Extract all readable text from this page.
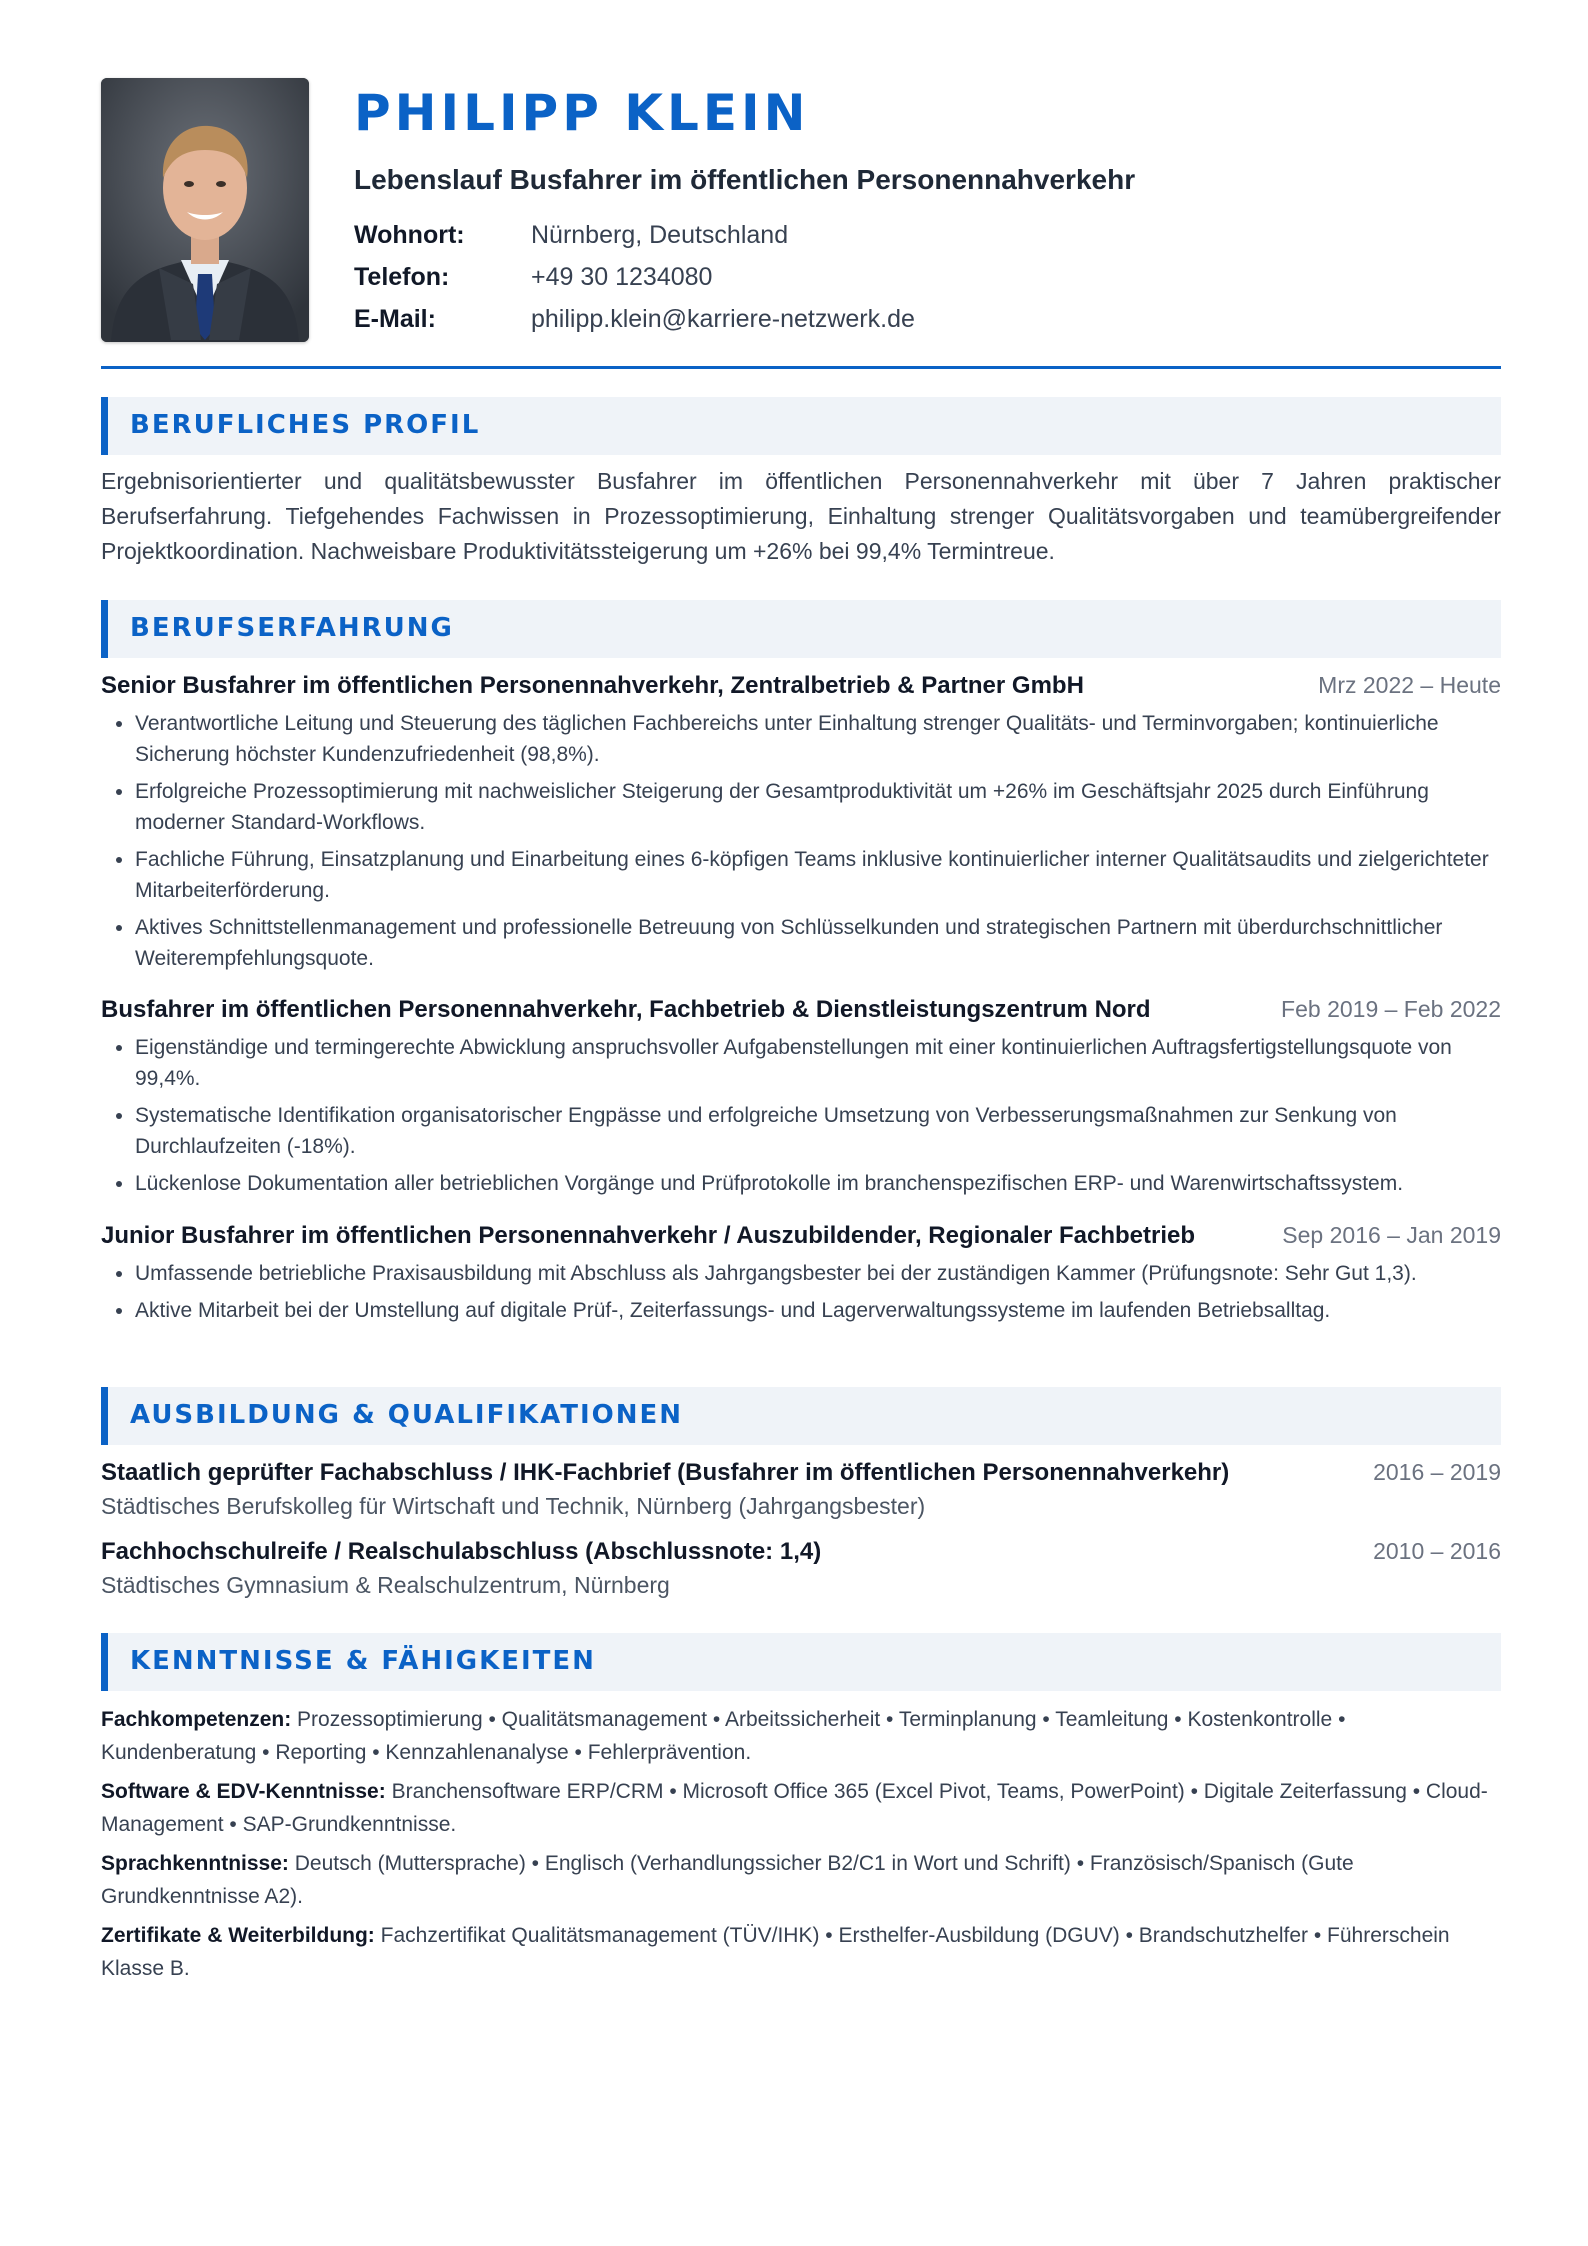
PHILIPP KLEIN
Lebenslauf Busfahrer im öffentlichen Personennahverkehr
Wohnort:	Nürnberg, Deutschland
Telefon:	+49 30 1234080
E-Mail:	philipp.klein@karriere-netzwerk.de
BERUFLICHES PROFIL

Ergebnisorientierter und qualitätsbewusster Busfahrer im öffentlichen Personennahverkehr mit über 7 Jahren praktischer Berufserfahrung. Tiefgehendes Fachwissen in Prozessoptimierung, Einhaltung strenger Qualitätsvorgaben und teamübergreifender Projektkoordination. Nachweisbare Produktivitätssteigerung um +26% bei 99,4% Termintreue.

BERUFSERFAHRUNG
Senior Busfahrer im öffentlichen Personennahverkehr, Zentralbetrieb & Partner GmbH	Mrz 2022 – Heute
• Verantwortliche Leitung und Steuerung des täglichen Fachbereichs unter Einhaltung strenger Qualitäts- und Terminvorgaben; kontinuierliche Sicherung höchster Kundenzufriedenheit (98,8%).
• Erfolgreiche Prozessoptimierung mit nachweislicher Steigerung der Gesamtproduktivität um +26% im Geschäftsjahr 2025 durch Einführung moderner Standard-Workflows.
• Fachliche Führung, Einsatzplanung und Einarbeitung eines 6-köpfigen Teams inklusive kontinuierlicher interner Qualitätsaudits und zielgerichteter Mitarbeiterförderung.
• Aktives Schnittstellenmanagement und professionelle Betreuung von Schlüsselkunden und strategischen Partnern mit überdurchschnittlicher Weiterempfehlungsquote.
Busfahrer im öffentlichen Personennahverkehr, Fachbetrieb & Dienstleistungszentrum Nord	Feb 2019 – Feb 2022
• Eigenständige und termingerechte Abwicklung anspruchsvoller Aufgabenstellungen mit einer kontinuierlichen Auftragsfertigstellungsquote von 99,4%.
• Systematische Identifikation organisatorischer Engpässe und erfolgreiche Umsetzung von Verbesserungsmaßnahmen zur Senkung von Durchlaufzeiten (-18%).
• Lückenlose Dokumentation aller betrieblichen Vorgänge und Prüfprotokolle im branchenspezifischen ERP- und Warenwirtschaftssystem.
Junior Busfahrer im öffentlichen Personennahverkehr / Auszubildender, Regionaler Fachbetrieb	Sep 2016 – Jan 2019
• Umfassende betriebliche Praxisausbildung mit Abschluss als Jahrgangsbester bei der zuständigen Kammer (Prüfungsnote: Sehr Gut 1,3).
• Aktive Mitarbeit bei der Umstellung auf digitale Prüf-, Zeiterfassungs- und Lagerverwaltungssysteme im laufenden Betriebsalltag.
AUSBILDUNG & QUALIFIKATIONEN
Staatlich geprüfter Fachabschluss / IHK-Fachbrief (Busfahrer im öffentlichen Personennahverkehr)	2016 – 2019
Städtisches Berufskolleg für Wirtschaft und Technik, Nürnberg (Jahrgangsbester)
Fachhochschulreife / Realschulabschluss (Abschlussnote: 1,4)	2010 – 2016
Städtisches Gymnasium & Realschulzentrum, Nürnberg
KENNTNISSE & FÄHIGKEITEN
Fachkompetenzen: Prozessoptimierung • Qualitätsmanagement • Arbeitssicherheit • Terminplanung • Teamleitung • Kostenkontrolle • Kundenberatung • Reporting • Kennzahlenanalyse • Fehlerprävention.
Software & EDV-Kenntnisse: Branchensoftware ERP/CRM • Microsoft Office 365 (Excel Pivot, Teams, PowerPoint) • Digitale Zeiterfassung • Cloud-Management • SAP-Grundkenntnisse.
Sprachkenntnisse: Deutsch (Muttersprache) • Englisch (Verhandlungssicher B2/C1 in Wort und Schrift) • Französisch/Spanisch (Gute Grundkenntnisse A2).
Zertifikate & Weiterbildung: Fachzertifikat Qualitätsmanagement (TÜV/IHK) • Ersthelfer-Ausbildung (DGUV) • Brandschutzhelfer • Führerschein Klasse B.
